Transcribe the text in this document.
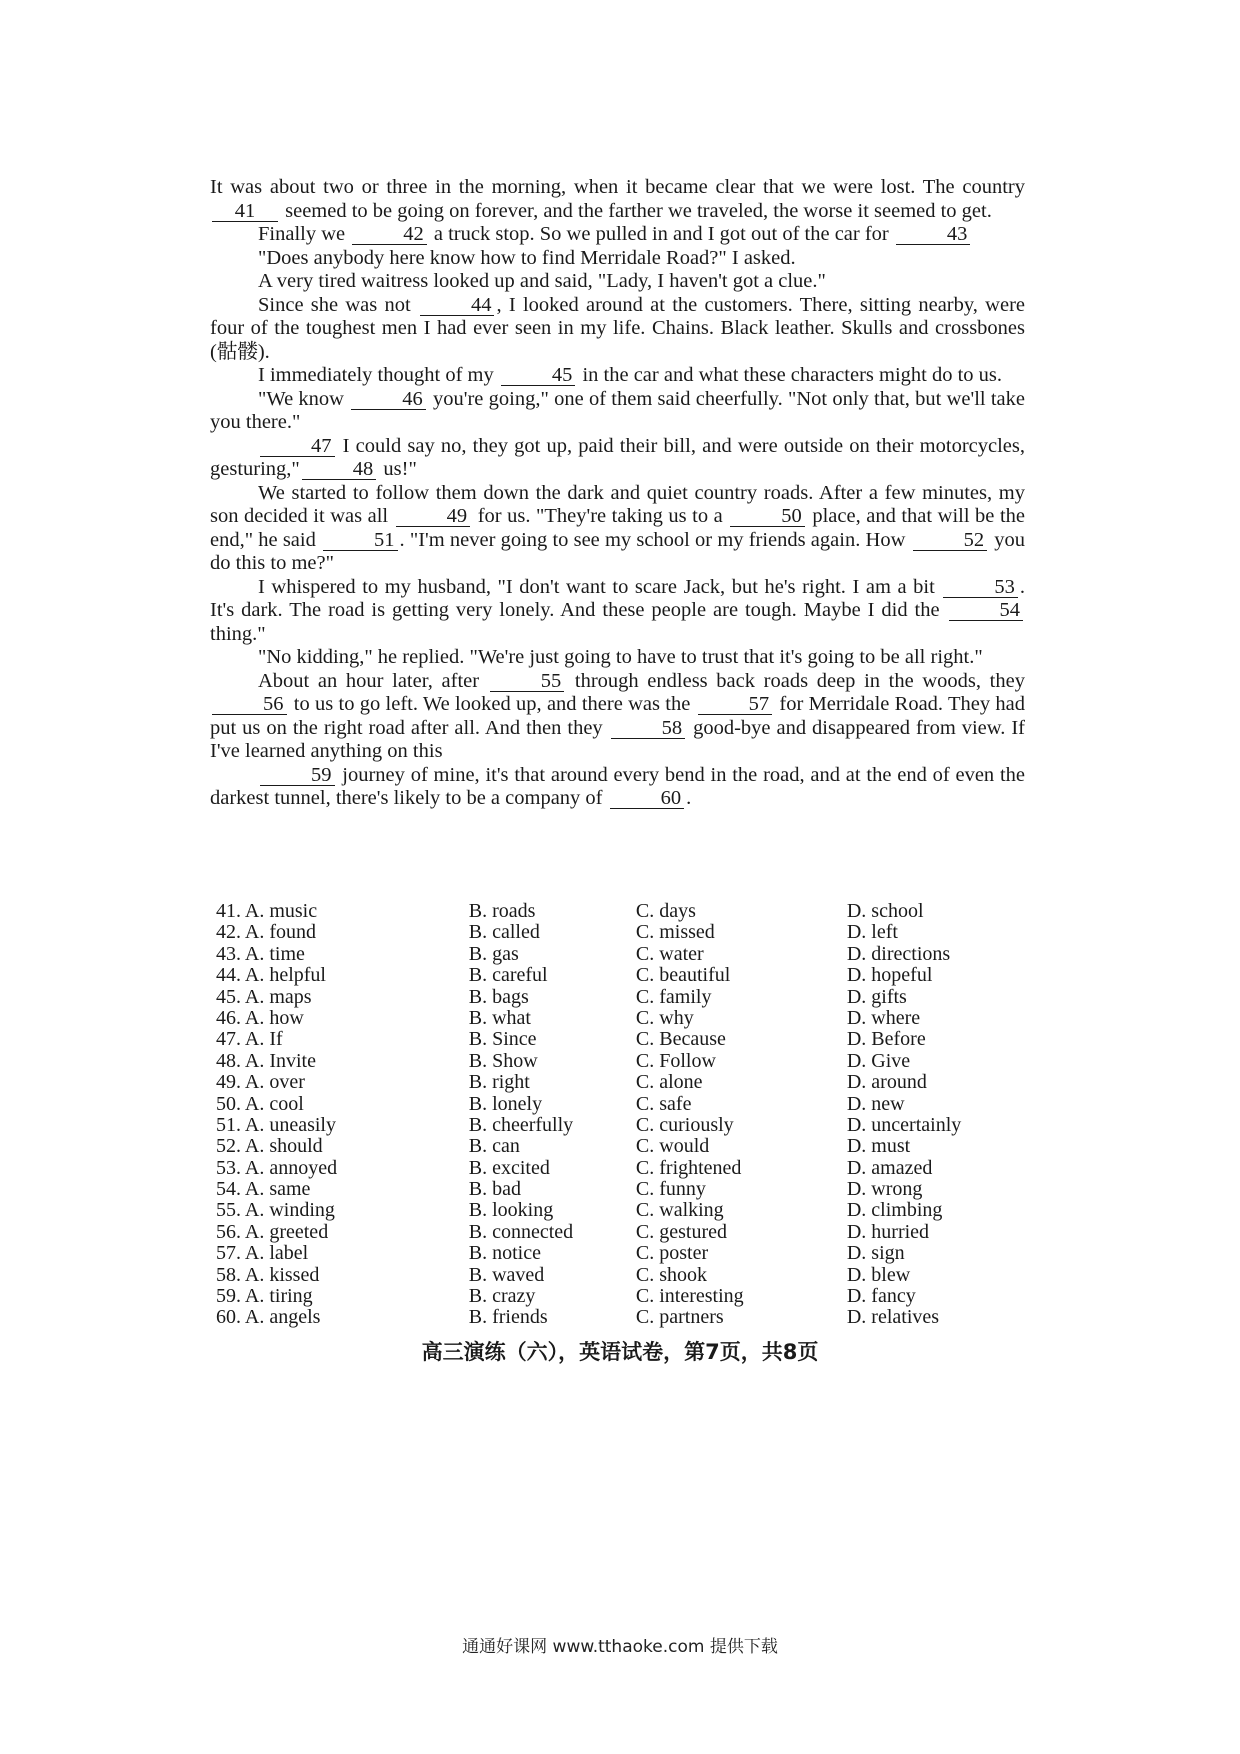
It was about two or three in the morning, when it became clear that we were lost. The country 41 seemed to be going on forever, and the farther we traveled, the worse it seemed to get.

Finally we	42 a truck stop. So we pulled in and I got out of the car for	43

"Does anybody here know how to find Merridale Road?" I asked.

A very tired waitress looked up and said, "Lady, I haven't got a clue."

Since she was not	44 , I looked around at the customers. There, sitting nearby, were four of the toughest men I had ever seen in my life. Chains. Black leather. Skulls and crossbones (骷髅).

I immediately thought of my	45 in the car and what these characters might do to us.

"We know	46 you're going," one of them said cheerfully. "Not only that, but we'll take you there."

47 I could say no, they got up, paid their bill, and were outside on their motorcycles, gesturing,"	48 us!"

We started to follow them down the dark and quiet country roads. After a few minutes, my son decided it was all	49 for us. "They're taking us to a	50 place, and that will be the end," he said	51 . "I'm never going to see my school or my friends again. How	52 you do this to me?"

I whispered to my husband, "I don't want to scare Jack, but he's right. I am a bit	53 . It's dark. The road is getting very lonely. And these people are tough. Maybe I did the	54 thing."

"No kidding," he replied. "We're just going to have to trust that it's going to be all right."

About an hour later, after	55 through endless back roads deep in the woods, they 56 to us to go left. We looked up, and there was the	57 for Merridale Road. They had put us on the right road after all. And then they	58 good-bye and disappeared from view. If I've learned anything on this

59 journey of mine, it's that around every bend in the road, and at the end of even the darkest tunnel, there's likely to be a company of	60 .

41. A. music	B. roads	C. days	D. school
42. A. found	B. called	C. missed	D. left
43. A. time	B. gas	C. water	D. directions
44. A. helpful	B. careful	C. beautiful	D. hopeful
45. A. maps	B. bags	C. family	D. gifts
46. A. how	B. what	C. why	D. where
47. A. If	B. Since	C. Because	D. Before
48. A. Invite	B. Show	C. Follow	D. Give
49. A. over	B. right	C. alone	D. around
50. A. cool	B. lonely	C. safe	D. new
51. A. uneasily	B. cheerfully	C. curiously	D. uncertainly
52. A. should	B. can	C. would	D. must
53. A. annoyed	B. excited	C. frightened	D. amazed
54. A. same	B. bad	C. funny	D. wrong
55. A. winding	B. looking	C. walking	D. climbing
56. A. greeted	B. connected	C. gestured	D. hurried
57. A. label	B. notice	C. poster	D. sign
58. A. kissed	B. waved	C. shook	D. blew
59. A. tiring	B. crazy	C. interesting	D. fancy
60. A. angels	B. friends	C. partners	D. relatives
高三演练（六），英语试卷，第7页，共8页
通通好课网 www.tthaoke.com 提供下载
